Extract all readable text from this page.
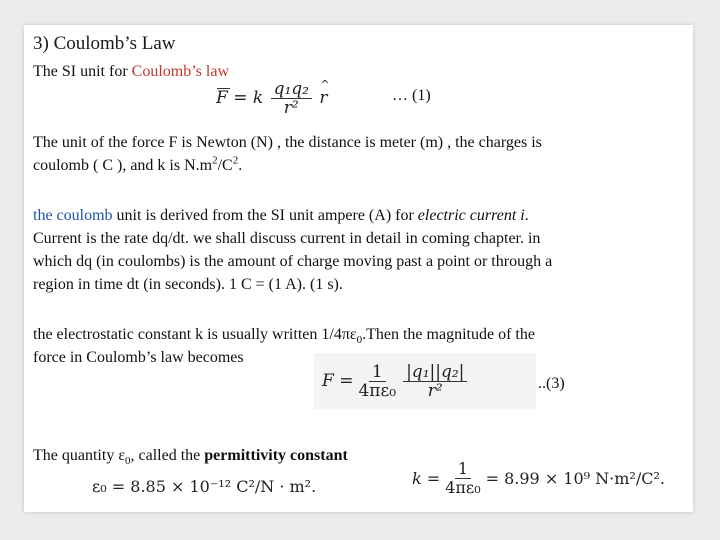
3) Coulomb’s Law
The SI unit for Coulomb’s law
F = k $\frac{\text{q₁q₂}}{\text{r²}}$
^ r	… (1)
The unit of the force F is Newton (N) , the distance is meter (m) , the charges is
coulomb ( C ), and k is $N.m^2/C^2$.
the coulomb unit is derived from the SI unit ampere (A) for electric current i.
Current is the rate dq/dt. we shall discuss current in detail in coming chapter. in
which dq (in coulombs) is the amount of charge moving past a point or through a
region in time dt (in seconds). 1 C = (1 A). (1 s).
the electrostatic constant k is usually written $1/4\pi\varepsilon_0.Then$ the magnitude of the
force in Coulomb’s law becomes
F
= $\frac{1}{\text{4πε₀}} \frac{\text{|q₁||q₂|}}{\text{r²}}$	..(3)
The quantity $\varepsilon_0$, called the permittivity constant
ε₀ = 8.85 × 10⁻¹² C²/N · m².	k
= $\frac{1}{\text{4πε₀}} = 8.99 \times 10^9$ N·m²/C².
